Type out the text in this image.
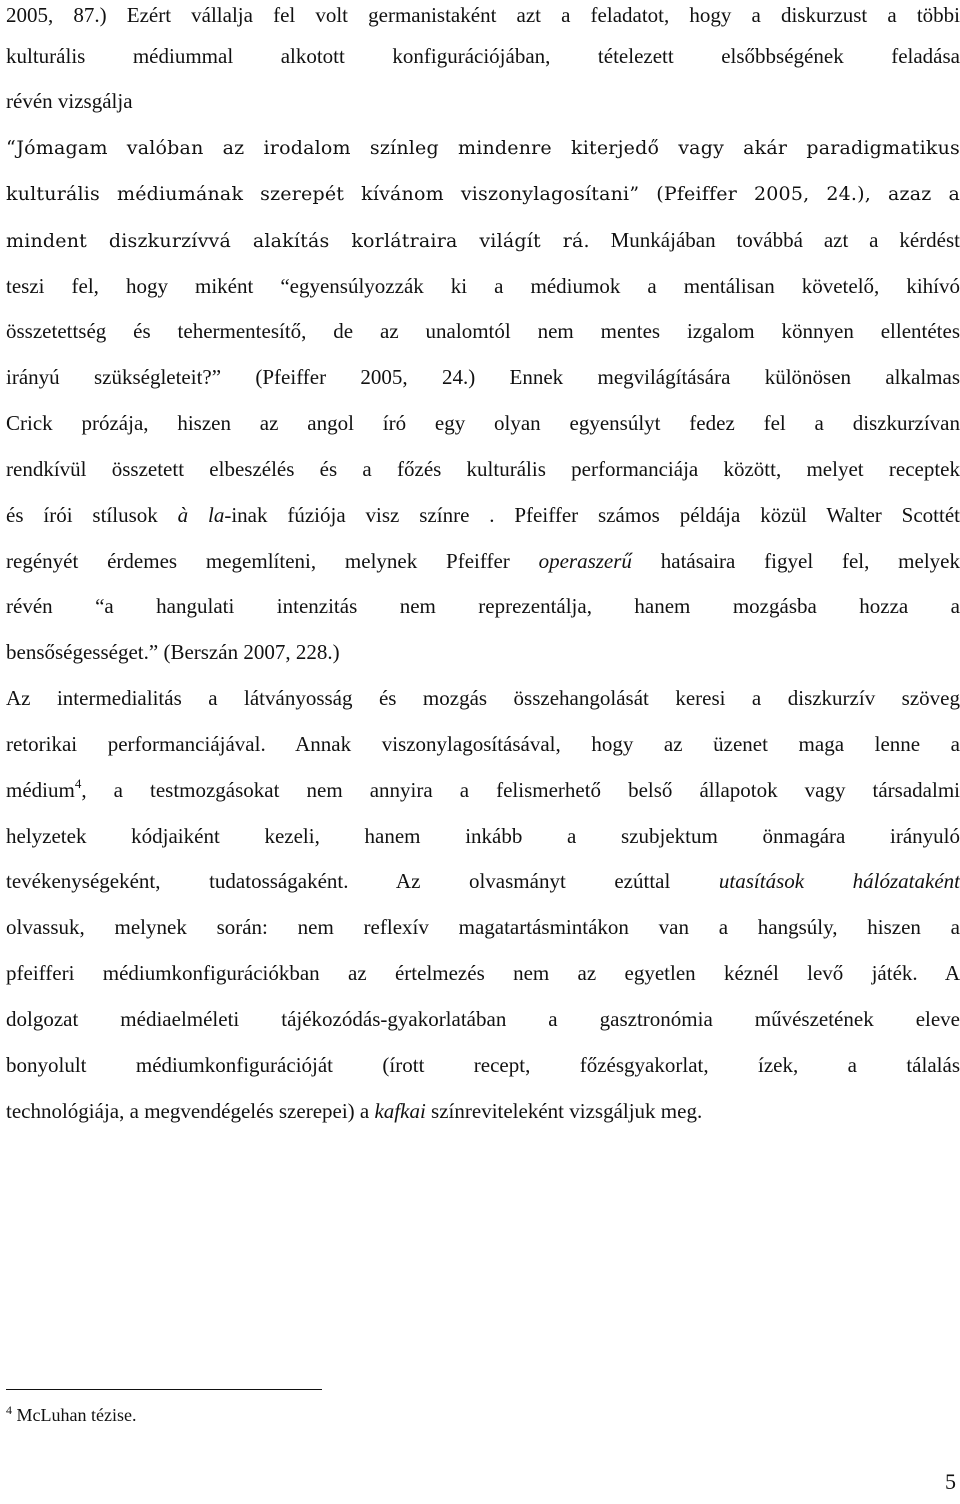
2005, 87.) Ezért vállalja fel volt germanistaként azt a feladatot, hogy a diskurzust a többi
kulturális médiummal alkotott konfigurációjában, tételezett elsőbbségének feladása
révén vizsgálja
“Jómagam valóban az irodalom színleg mindenre kiterjedő vagy akár paradigmatikus
kulturális médiumának szerepét kívánom viszonylagosítani” (Pfeiffer 2005, 24.), azaz a
mindent diszkurzívvá alakítás korlátraira világít rá. Munkájában továbbá azt a kérdést
teszi fel, hogy miként “egyensúlyozzák ki a médiumok a mentálisan követelő, kihívó
összetettség és tehermentesítő, de az unalomtól nem mentes izgalom könnyen ellentétes
irányú szükségleteit?” (Pfeiffer 2005, 24.) Ennek megvilágítására különösen alkalmas
Crick prózája, hiszen az angol író egy olyan egyensúlyt fedez fel a diszkurzívan
rendkívül összetett elbeszélés és a főzés kulturális performanciája között, melyet receptek
és írói stílusok à la-inak fúziója visz színre . Pfeiffer számos példája közül Walter Scottét
regényét érdemes megemlíteni, melynek Pfeiffer operaszerű hatásaira figyel fel, melyek
révén “a hangulati intenzitás nem reprezentálja, hanem mozgásba hozza a
bensőségességet.” (Berszán 2007, 228.)
Az intermedialitás a látványosság és mozgás összehangolását keresi a diszkurzív szöveg
retorikai performanciájával. Annak viszonylagosításával, hogy az üzenet maga lenne a
médium$^4$, a testmozgásokat nem annyira a felismerhető belső állapotok vagy társadalmi
helyzetek kódjaiként kezeli, hanem inkább a szubjektum önmagára irányuló
tevékenységeként, tudatosságaként. Az olvasmányt ezúttal utasítások hálózataként
olvassuk, melynek során: nem reflexív magatartásmintákon van a hangsúly, hiszen a
pfeifferi médiumkonfigurációkban az értelmezés nem az egyetlen kéznél levő játék. A
dolgozat médiaelméleti tájékozódás-gyakorlatában a gasztronómia művészetének eleve
bonyolult médiumkonfigurációját (írott recept, főzésgyakorlat, ízek, a tálalás
technológiája, a megvendégelés szerepei) a kafkai színreviteleként vizsgáljuk meg.
$^4$ McLuhan tézise.
5
